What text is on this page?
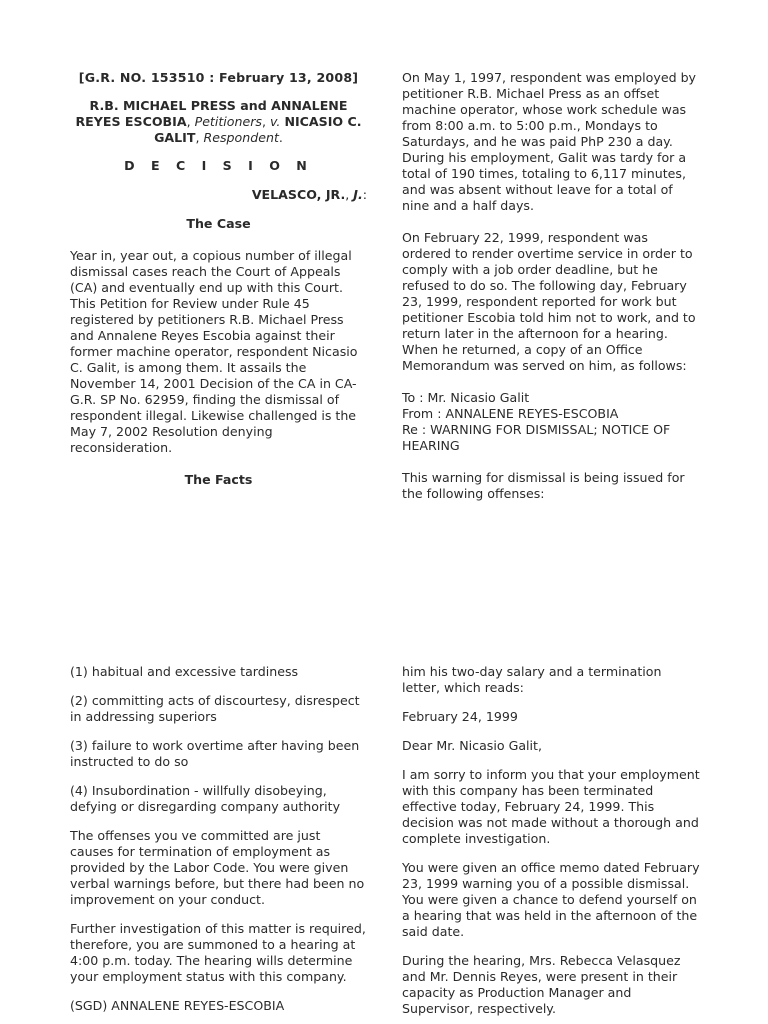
[G.R. NO. 153510 : February 13, 2008]

R.B. MICHAEL PRESS and ANNALENE REYES ESCOBIA, Petitioners, v. NICASIO C. GALIT, Respondent.

D E C I S I O N

VELASCO, JR., J.:

The Case

Year in, year out, a copious number of illegal dismissal cases reach the Court of Appeals (CA) and eventually end up with this Court. This Petition for Review under Rule 45 registered by petitioners R.B. Michael Press and Annalene Reyes Escobia against their former machine operator, respondent Nicasio C. Galit, is among them. It assails the November 14, 2001 Decision of the CA in CA-G.R. SP No. 62959, finding the dismissal of respondent illegal. Likewise challenged is the May 7, 2002 Resolution denying reconsideration.

The Facts

On May 1, 1997, respondent was employed by petitioner R.B. Michael Press as an offset machine operator, whose work schedule was from 8:00 a.m. to 5:00 p.m., Mondays to Saturdays, and he was paid PhP 230 a day. During his employment, Galit was tardy for a total of 190 times, totaling to 6,117 minutes, and was absent without leave for a total of nine and a half days.

On February 22, 1999, respondent was ordered to render overtime service in order to comply with a job order deadline, but he refused to do so. The following day, February 23, 1999, respondent reported for work but petitioner Escobia told him not to work, and to return later in the afternoon for a hearing. When he returned, a copy of an Office Memorandum was served on him, as follows:

To : Mr. Nicasio Galit

From : ANNALENE REYES-ESCOBIA

Re : WARNING FOR DISMISSAL; NOTICE OF HEARING

This warning for dismissal is being issued for the following offenses:

(1) habitual and excessive tardiness

(2) committing acts of discourtesy, disrespect in addressing superiors

(3) failure to work overtime after having been instructed to do so

(4) Insubordination - willfully disobeying, defying or disregarding company authority

The offenses you ve committed are just causes for termination of employment as provided by the Labor Code. You were given verbal warnings before, but there had been no improvement on your conduct.

Further investigation of this matter is required, therefore, you are summoned to a hearing at 4:00 p.m. today. The hearing wills determine your employment status with this company.

(SGD) ANNALENE REYES-ESCOBIA

him his two-day salary and a termination letter, which reads:

February 24, 1999

Dear Mr. Nicasio Galit,

I am sorry to inform you that your employment with this company has been terminated effective today, February 24, 1999. This decision was not made without a thorough and complete investigation.

You were given an office memo dated February 23, 1999 warning you of a possible dismissal. You were given a chance to defend yourself on a hearing that was held in the afternoon of the said date.

During the hearing, Mrs. Rebecca Velasquez and Mr. Dennis Reyes, were present in their capacity as Production Manager and Supervisor, respectively.
